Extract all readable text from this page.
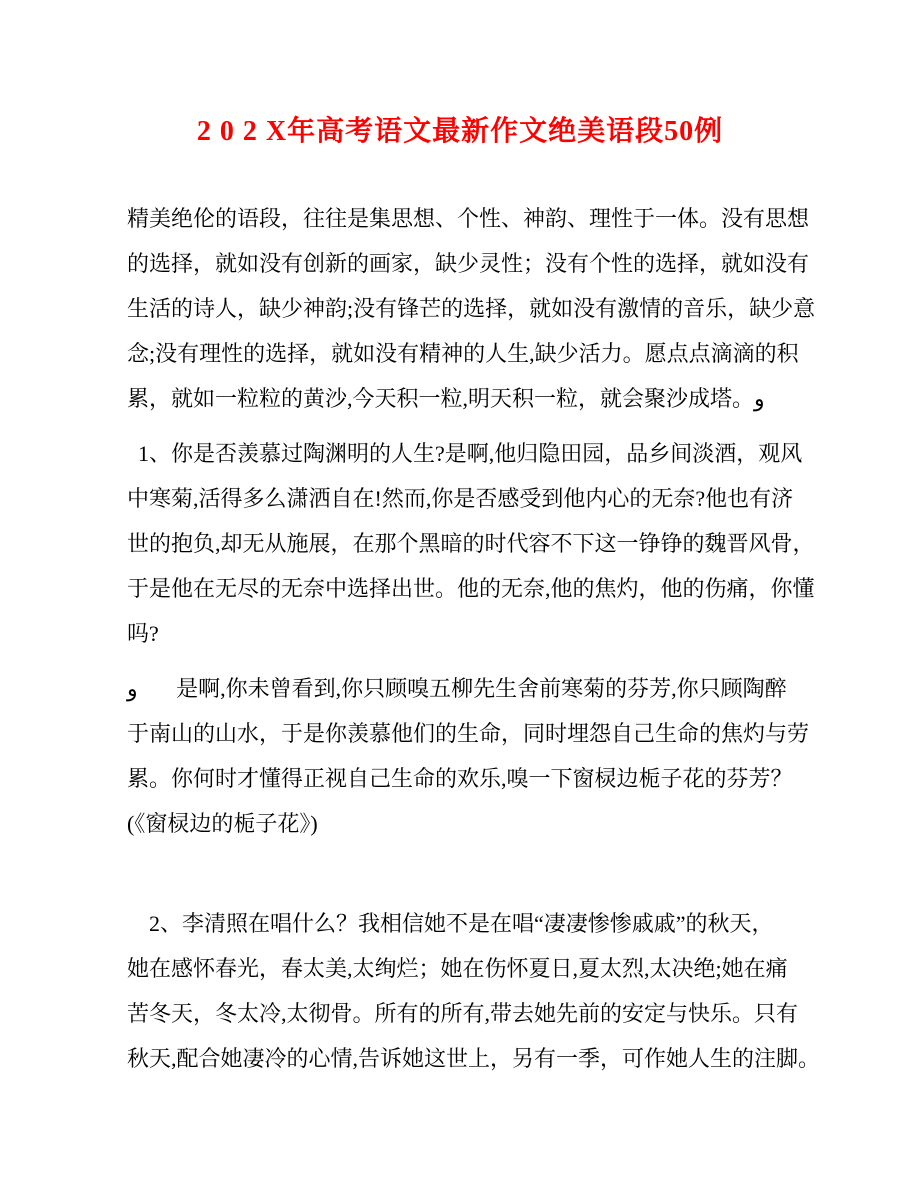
2 0 2 X年高考语文最新作文绝美语段50例
精美绝伦的语段，往往是集思想、个性、神韵、理性于一体。没有思想
的选择，就如没有创新的画家，缺少灵性；没有个性的选择，就如没有
生活的诗人，缺少神韵;没有锋芒的选择，就如没有激情的音乐，缺少意
念;没有理性的选择，就如没有精神的人生,缺少活力。愿点点滴滴的积
累，就如一粒粒的黄沙,今天积一粒,明天积一粒，就会聚沙成塔。و
1、你是否羡慕过陶渊明的人生?是啊,他归隐田园，品乡间淡酒，观风
中寒菊,活得多么潇洒自在!然而,你是否感受到他内心的无奈?他也有济
世的抱负,却无从施展，在那个黑暗的时代容不下这一铮铮的魏晋风骨，
于是他在无尽的无奈中选择出世。他的无奈,他的焦灼，他的伤痛，你懂
吗?
و       是啊,你未曾看到,你只顾嗅五柳先生舍前寒菊的芬芳,你只顾陶醉
于南山的山水，于是你羡慕他们的生命，同时埋怨自己生命的焦灼与劳
累。你何时才懂得正视自己生命的欢乐,嗅一下窗棂边栀子花的芬芳？
(《窗棂边的栀子花》)
2、李清照在唱什么？我相信她不是在唱“凄凄惨惨戚戚”的秋天，
她在感怀春光，春太美,太绚烂；她在伤怀夏日,夏太烈,太决绝;她在痛
苦冬天，冬太冷,太彻骨。所有的所有,带去她先前的安定与快乐。只有
秋天,配合她凄冷的心情,告诉她这世上，另有一季，可作她人生的注脚。
